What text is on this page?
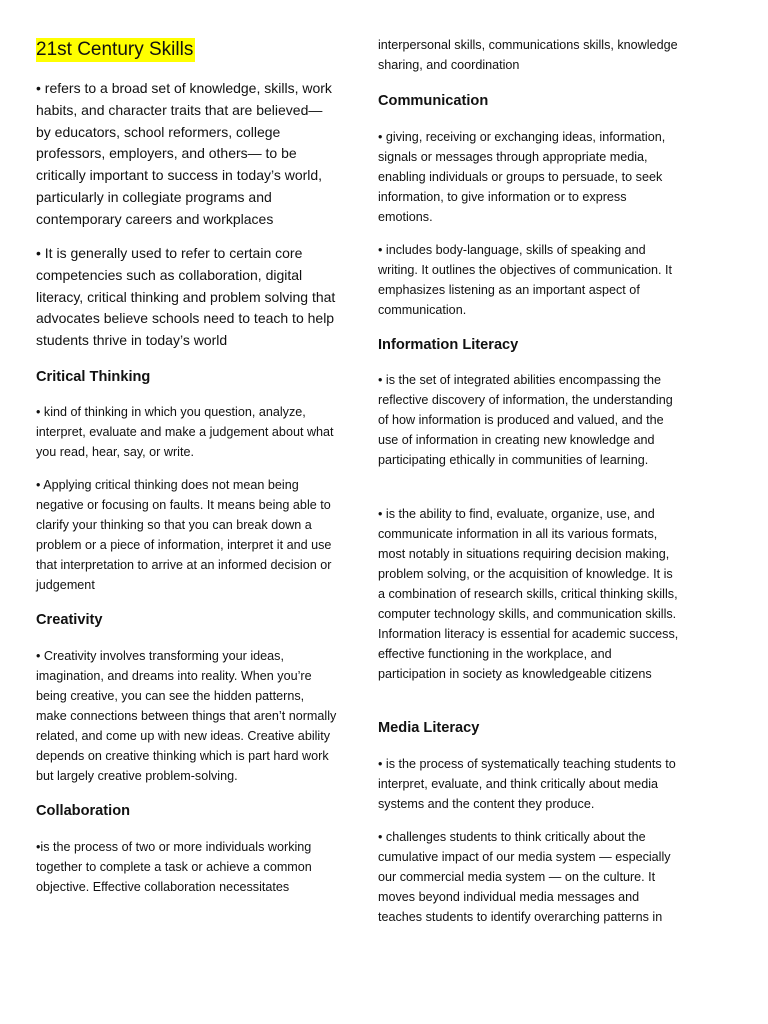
21st Century Skills

• refers to a broad set of knowledge, skills, work habits, and character traits that are believed—by educators, school reformers, college professors, employers, and others— to be critically important to success in today’s world, particularly in collegiate programs and contemporary careers and workplaces

• It is generally used to refer to certain core competencies such as collaboration, digital literacy, critical thinking and problem solving that advocates believe schools need to teach to help students thrive in today’s world

Critical Thinking

• kind of thinking in which you question, analyze, interpret, evaluate and make a judgement about what you read, hear, say, or write.

• Applying critical thinking does not mean being negative or focusing on faults. It means being able to clarify your thinking so that you can break down a problem or a piece of information, interpret it and use that interpretation to arrive at an informed decision or judgement

Creativity

• Creativity involves transforming your ideas, imagination, and dreams into reality. When you’re being creative, you can see the hidden patterns, make connections between things that aren’t normally related, and come up with new ideas. Creative ability depends on creative thinking which is part hard work but largely creative problem-solving.

Collaboration

•is the process of two or more individuals working together to complete a task or achieve a common objective. Effective collaboration necessitates

interpersonal skills, communications skills, knowledge sharing, and coordination

Communication

• giving, receiving or exchanging ideas, information, signals or messages through appropriate media, enabling individuals or groups to persuade, to seek information, to give information or to express emotions.

• includes body-language, skills of speaking and writing. It outlines the objectives of communication. It emphasizes listening as an important aspect of communication.

Information Literacy

• is the set of integrated abilities encompassing the reflective discovery of information, the understanding of how information is produced and valued, and the use of information in creating new knowledge and participating ethically in communities of learning.

• is the ability to find, evaluate, organize, use, and communicate information in all its various formats, most notably in situations requiring decision making, problem solving, or the acquisition of knowledge. It is a combination of research skills, critical thinking skills, computer technology skills, and communication skills. Information literacy is essential for academic success, effective functioning in the workplace, and participation in society as knowledgeable citizens

Media Literacy

• is the process of systematically teaching students to interpret, evaluate, and think critically about media systems and the content they produce.

• challenges students to think critically about the cumulative impact of our media system — especially our commercial media system — on the culture. It moves beyond individual media messages and teaches students to identify overarching patterns in
